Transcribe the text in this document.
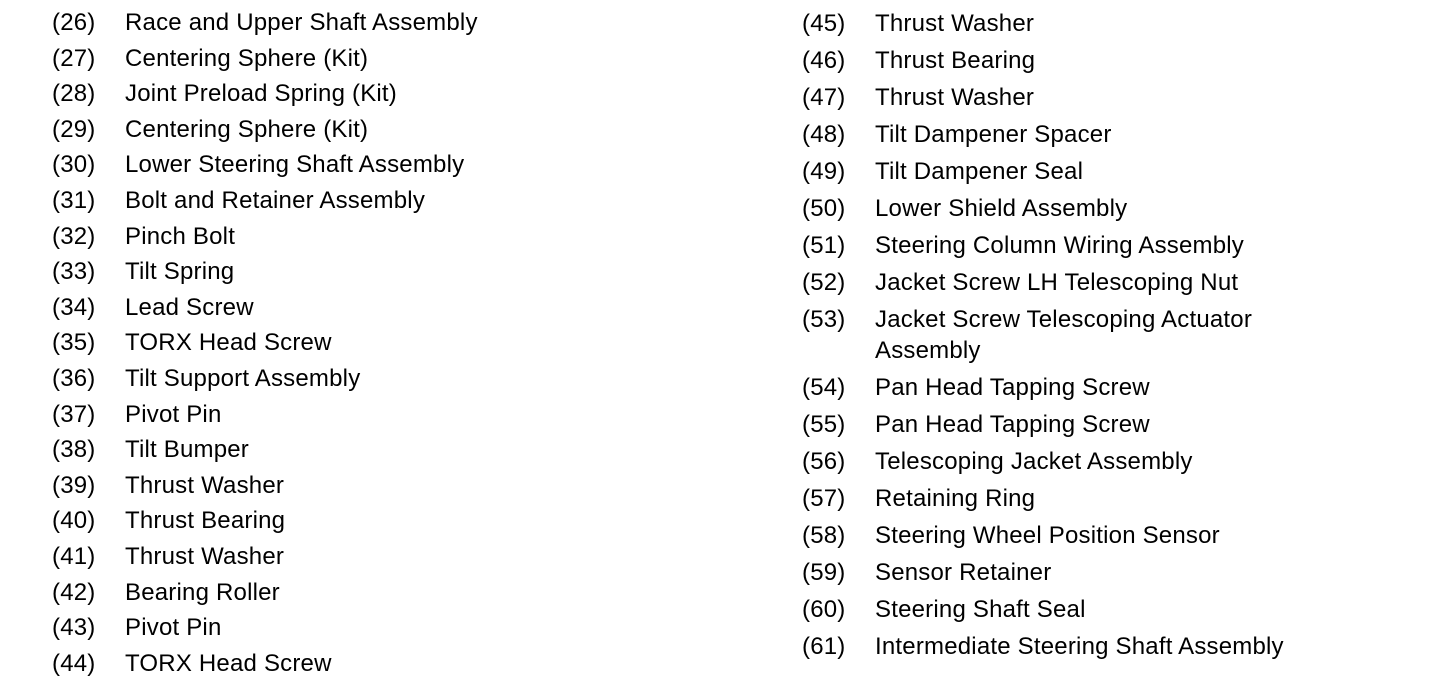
(26)	Race and Upper Shaft Assembly
(27)	Centering Sphere (Kit)
(28)	Joint Preload Spring (Kit)
(29)	Centering Sphere (Kit)
(30)	Lower Steering Shaft Assembly
(31)	Bolt and Retainer Assembly
(32)	Pinch Bolt
(33)	Tilt Spring
(34)	Lead Screw
(35)	TORX Head Screw
(36)	Tilt Support Assembly
(37)	Pivot Pin
(38)	Tilt Bumper
(39)	Thrust Washer
(40)	Thrust Bearing
(41)	Thrust Washer
(42)	Bearing Roller
(43)	Pivot Pin
(44)	TORX Head Screw
(45)	Thrust Washer
(46)	Thrust Bearing
(47)	Thrust Washer
(48)	Tilt Dampener Spacer
(49)	Tilt Dampener Seal
(50)	Lower Shield Assembly
(51)	Steering Column Wiring Assembly
(52)	Jacket Screw LH Telescoping Nut
(53)	Jacket Screw Telescoping Actuator Assembly
(54)	Pan Head Tapping Screw
(55)	Pan Head Tapping Screw
(56)	Telescoping Jacket Assembly
(57)	Retaining Ring
(58)	Steering Wheel Position Sensor
(59)	Sensor Retainer
(60)	Steering Shaft Seal
(61)	Intermediate Steering Shaft Assembly
